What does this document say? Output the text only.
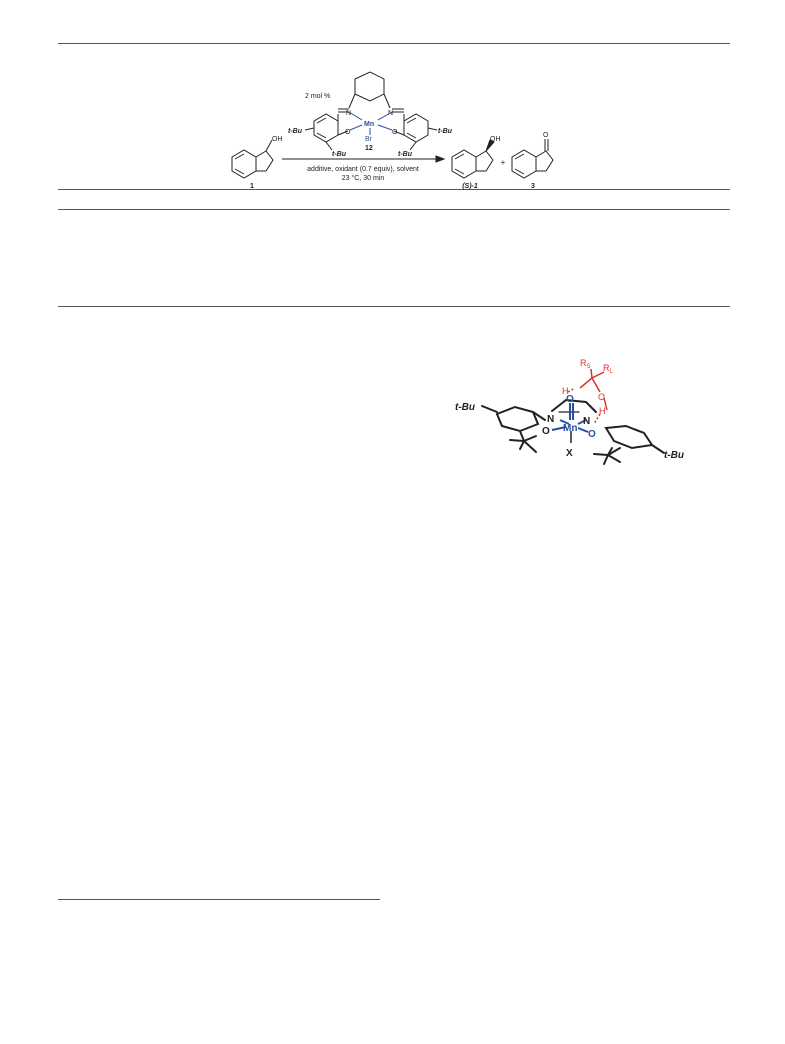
2 mol %
N	N
Mn
O	O
Br
12
t-Bu	t-Bu
t-Bu	t-Bu
OH	OH
O
additive, oxidant (0.7 equiv), solvent
23 °C, 30 min
1	(S)-1
+
3
t-Bu
t-Bu
Mn
X
N	N
O	O
O
H
O
H
$R_S$ $R_L$
